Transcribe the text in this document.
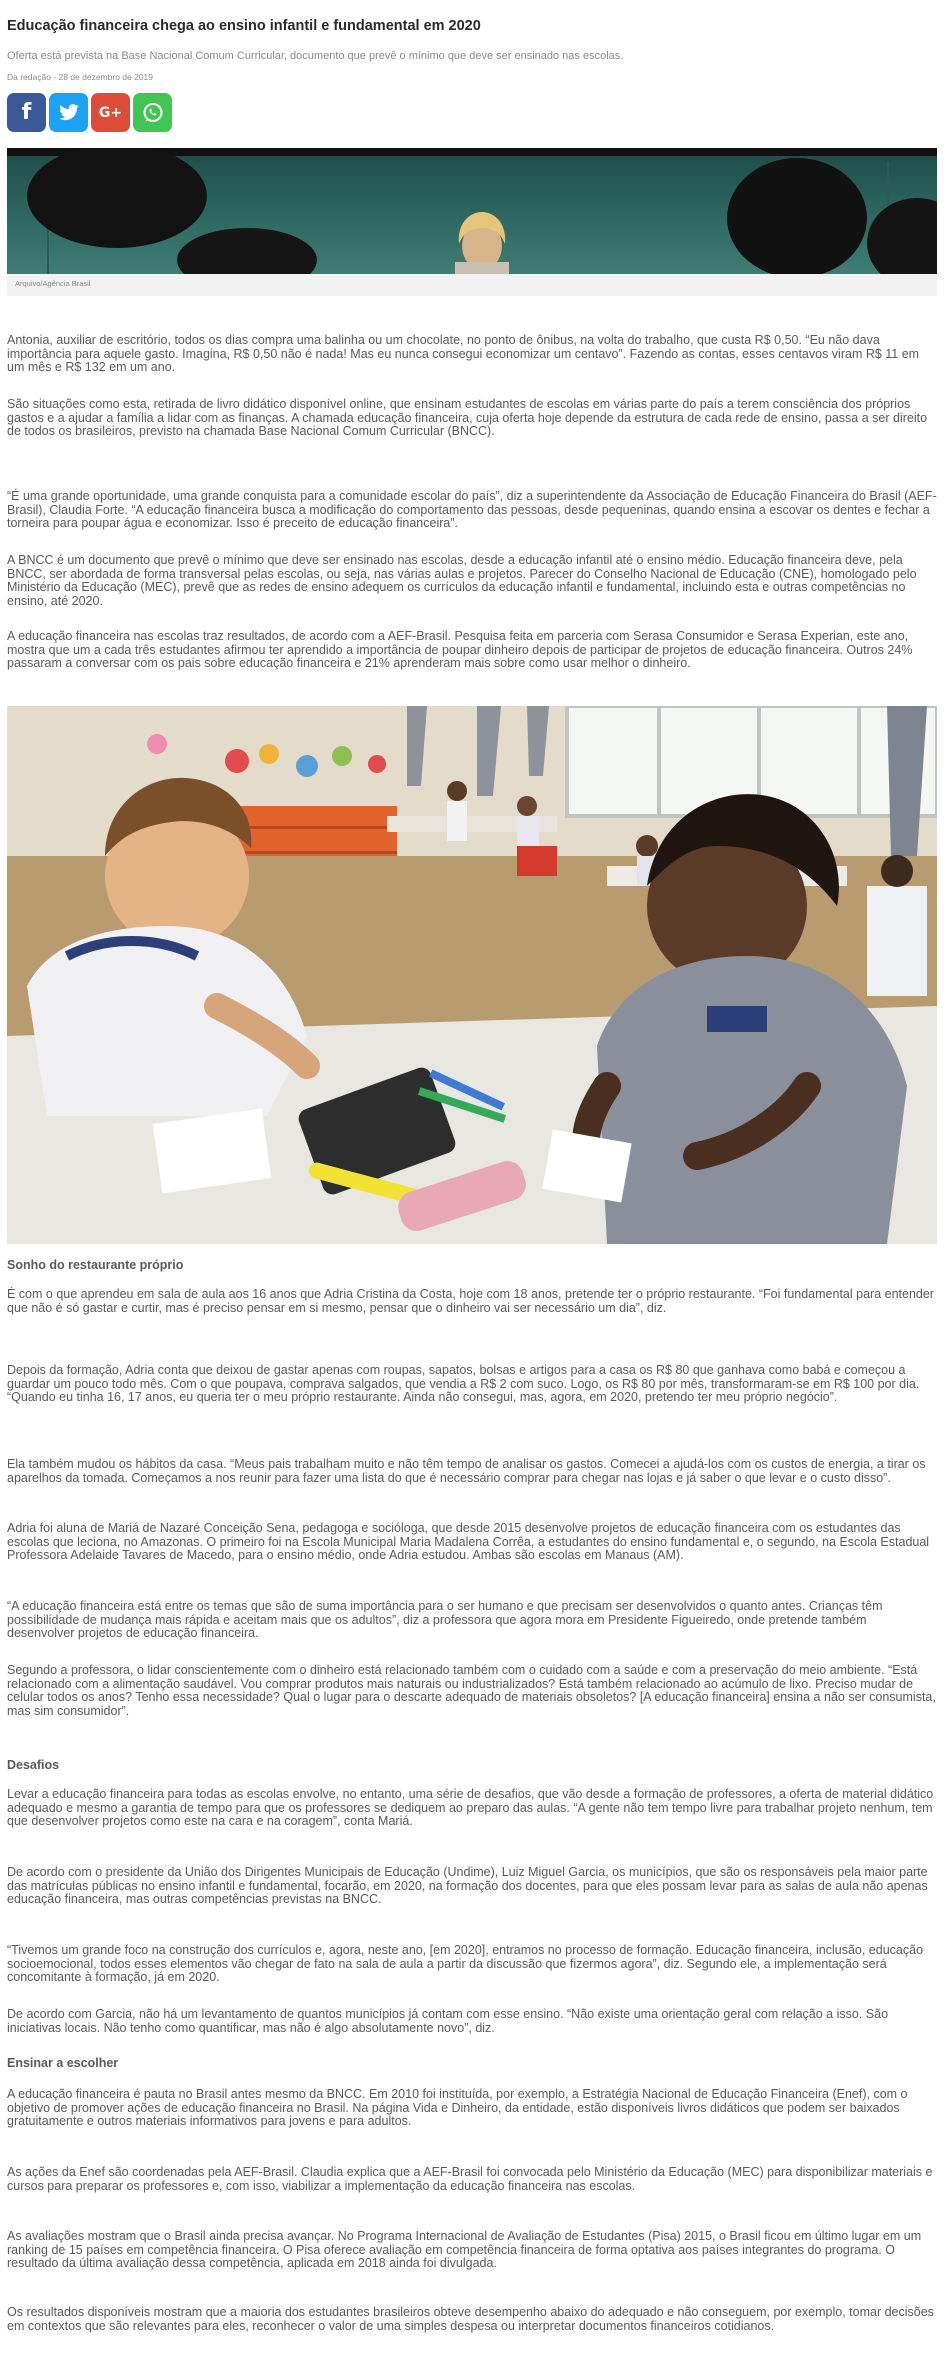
Educação financeira chega ao ensino infantil e fundamental em 2020

Oferta está prevista na Base Nacional Comum Curricular, documento que prevê o mínimo que deve ser ensinado nas escolas.

Da redação - 28 de dezembro de 2019

f	G+
Arquivo/Agência Brasil

Antonia, auxiliar de escritório, todos os dias compra uma balinha ou um chocolate, no ponto de ônibus, na volta do trabalho, que custa R$ 0,50. “Eu não dava importância para aquele gasto. Imagina, R$ 0,50 não é nada! Mas eu nunca consegui economizar um centavo”. Fazendo as contas, esses centavos viram R$ 11 em um mês e R$ 132 em um ano.

São situações como esta, retirada de livro didático disponível online, que ensinam estudantes de escolas em várias parte do país a terem consciência dos próprios gastos e a ajudar a família a lidar com as finanças. A chamada educação financeira, cuja oferta hoje depende da estrutura de cada rede de ensino, passa a ser direito de todos os brasileiros, previsto na chamada Base Nacional Comum Curricular (BNCC).

“É uma grande oportunidade, uma grande conquista para a comunidade escolar do país”, diz a superintendente da Associação de Educação Financeira do Brasil (AEF-Brasil), Claudia Forte. “A educação financeira busca a modificação do comportamento das pessoas, desde pequeninas, quando ensina a escovar os dentes e fechar a torneira para poupar água e economizar. Isso é preceito de educação financeira”.

A BNCC é um documento que prevê o mínimo que deve ser ensinado nas escolas, desde a educação infantil até o ensino médio. Educação financeira deve, pela BNCC, ser abordada de forma transversal pelas escolas, ou seja, nas várias aulas e projetos. Parecer do Conselho Nacional de Educação (CNE), homologado pelo Ministério da Educação (MEC), prevê que as redes de ensino adequem os currículos da educação infantil e fundamental, incluindo esta e outras competências no ensino, até 2020.

A educação financeira nas escolas traz resultados, de acordo com a AEF-Brasil. Pesquisa feita em parceria com Serasa Consumidor e Serasa Experian, este ano, mostra que um a cada três estudantes afirmou ter aprendido a importância de poupar dinheiro depois de participar de projetos de educação financeira. Outros 24% passaram a conversar com os pais sobre educação financeira e 21% aprenderam mais sobre como usar melhor o dinheiro.

Sonho do restaurante próprio

É com o que aprendeu em sala de aula aos 16 anos que Adria Cristina da Costa, hoje com 18 anos, pretende ter o próprio restaurante. “Foi fundamental para entender que não é só gastar e curtir, mas é preciso pensar em si mesmo, pensar que o dinheiro vai ser necessário um dia”, diz.

Depois da formação, Adria conta que deixou de gastar apenas com roupas, sapatos, bolsas e artigos para a casa os R$ 80 que ganhava como babá e começou a guardar um pouco todo mês. Com o que poupava, comprava salgados, que vendia a R$ 2 com suco. Logo, os R$ 80 por mês, transformaram-se em R$ 100 por dia. “Quando eu tinha 16, 17 anos, eu queria ter o meu próprio restaurante. Ainda não consegui, mas, agora, em 2020, pretendo ter meu próprio negócio”.

Ela também mudou os hábitos da casa. “Meus pais trabalham muito e não têm tempo de analisar os gastos. Comecei a ajudá-los com os custos de energia, a tirar os aparelhos da tomada. Começamos a nos reunir para fazer uma lista do que é necessário comprar para chegar nas lojas e já saber o que levar e o custo disso”.

Adria foi aluna de Mariá de Nazaré Conceição Sena, pedagoga e socióloga, que desde 2015 desenvolve projetos de educação financeira com os estudantes das escolas que leciona, no Amazonas. O primeiro foi na Escola Municipal Maria Madalena Corrêa, a estudantes do ensino fundamental e, o segundo, na Escola Estadual Professora Adelaide Tavares de Macedo, para o ensino médio, onde Adria estudou. Ambas são escolas em Manaus (AM).

“A educação financeira está entre os temas que são de suma importância para o ser humano e que precisam ser desenvolvidos o quanto antes. Crianças têm possibilidade de mudança mais rápida e aceitam mais que os adultos”, diz a professora que agora mora em Presidente Figueiredo, onde pretende também desenvolver projetos de educação financeira.

Segundo a professora, o lidar conscientemente com o dinheiro está relacionado também com o cuidado com a saúde e com a preservação do meio ambiente. “Está relacionado com a alimentação saudável. Vou comprar produtos mais naturais ou industrializados? Está também relacionado ao acúmulo de lixo. Preciso mudar de celular todos os anos? Tenho essa necessidade? Qual o lugar para o descarte adequado de materiais obsoletos? [A educação financeira] ensina a não ser consumista, mas sim consumidor”.

Desafios

Levar a educação financeira para todas as escolas envolve, no entanto, uma série de desafios, que vão desde a formação de professores, a oferta de material didático adequado e mesmo a garantia de tempo para que os professores se dediquem ao preparo das aulas. “A gente não tem tempo livre para trabalhar projeto nenhum, tem que desenvolver projetos como este na cara e na coragem”, conta Mariá.

De acordo com o presidente da União dos Dirigentes Municipais de Educação (Undime), Luiz Miguel Garcia, os municípios, que são os responsáveis pela maior parte das matrículas públicas no ensino infantil e fundamental, focarão, em 2020, na formação dos docentes, para que eles possam levar para as salas de aula não apenas educação financeira, mas outras competências previstas na BNCC.

“Tivemos um grande foco na construção dos currículos e, agora, neste ano, [em 2020], entramos no processo de formação. Educação financeira, inclusão, educação socioemocional, todos esses elementos vão chegar de fato na sala de aula a partir da discussão que fizermos agora”, diz. Segundo ele, a implementação será concomitante à formação, já em 2020.

De acordo com Garcia, não há um levantamento de quantos municípios já contam com esse ensino. “Não existe uma orientação geral com relação a isso. São iniciativas locais. Não tenho como quantificar, mas não é algo absolutamente novo”, diz.

Ensinar a escolher

A educação financeira é pauta no Brasil antes mesmo da BNCC. Em 2010 foi instituída, por exemplo, a Estratégia Nacional de Educação Financeira (Enef), com o objetivo de promover ações de educação financeira no Brasil. Na página Vida e Dinheiro, da entidade, estão disponíveis livros didáticos que podem ser baixados gratuitamente e outros materiais informativos para jovens e para adultos.

As ações da Enef são coordenadas pela AEF-Brasil. Claudia explica que a AEF-Brasil foi convocada pelo Ministério da Educação (MEC) para disponibilizar materiais e cursos para preparar os professores e, com isso, viabilizar a implementação da educação financeira nas escolas.

As avaliações mostram que o Brasil ainda precisa avançar. No Programa Internacional de Avaliação de Estudantes (Pisa) 2015, o Brasil ficou em último lugar em um ranking de 15 países em competência financeira. O Pisa oferece avaliação em competência financeira de forma optativa aos países integrantes do programa. O resultado da última avaliação dessa competência, aplicada em 2018 ainda foi divulgada.

Os resultados disponíveis mostram que a maioria dos estudantes brasileiros obteve desempenho abaixo do adequado e não conseguem, por exemplo, tomar decisões em contextos que são relevantes para eles, reconhecer o valor de uma simples despesa ou interpretar documentos financeiros cotidianos.
